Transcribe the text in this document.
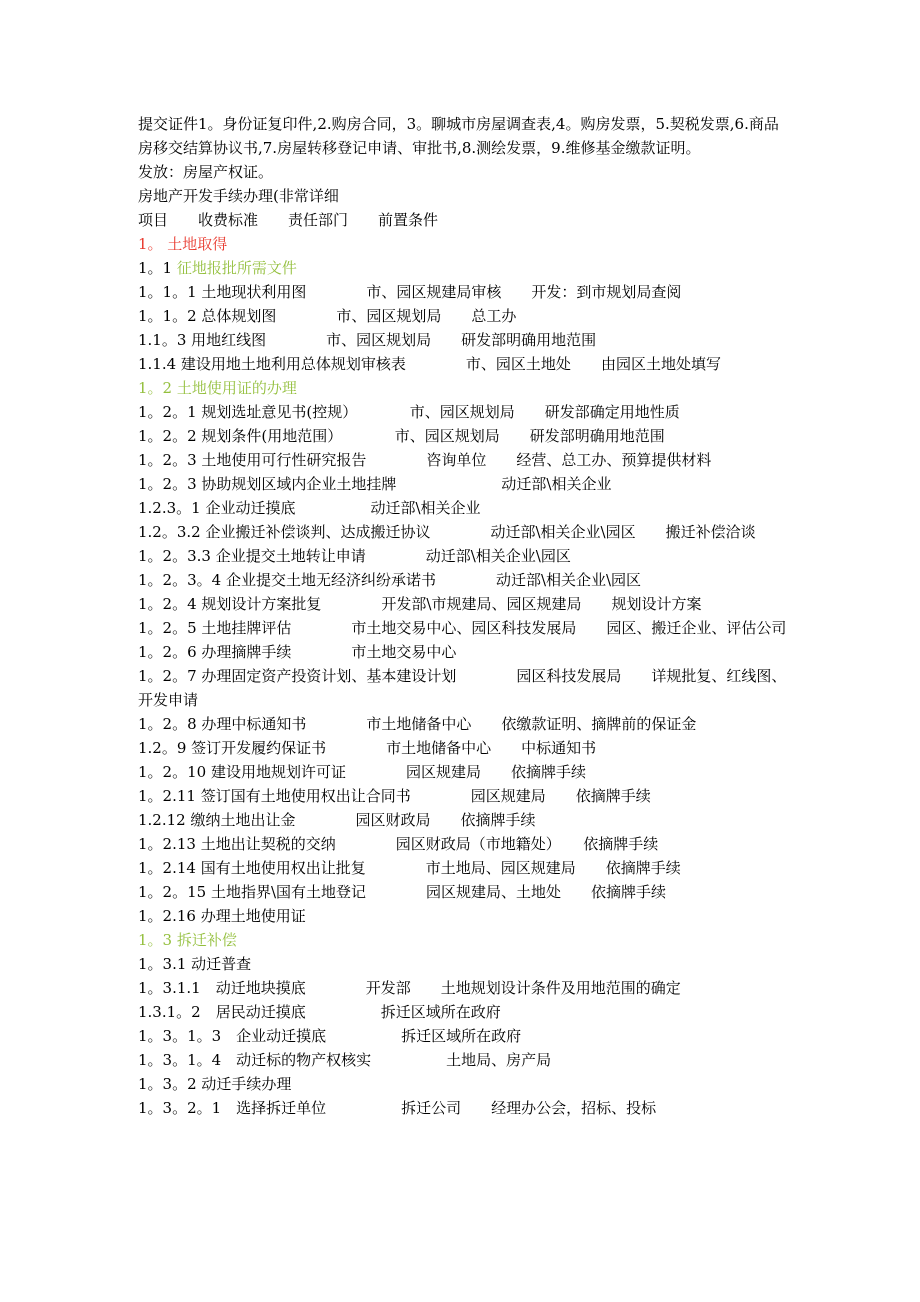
提交证件1。身份证复印件,2.购房合同，3。聊城市房屋调查表,4。购房发票，5.契税发票,6.商品房移交结算协议书,7.房屋转移登记申请、审批书,8.测绘发票，9.维修基金缴款证明。

发放：房屋产权证。

房地产开发手续办理(非常详细

项目　　收费标准　　责任部门　　前置条件

1。 土地取得

1。1 征地报批所需文件

1。1。1 土地现状利用图　　　　市、园区规建局审核　　开发：到市规划局查阅

1。1。2 总体规划图　　　　市、园区规划局　　总工办

1.1。3 用地红线图　　　　市、园区规划局　　研发部明确用地范围

1.1.4 建设用地土地利用总体规划审核表　　　　市、园区土地处　　由园区土地处填写

1。2 土地使用证的办理

1。2。1 规划选址意见书(控规）　　　　市、园区规划局　　研发部确定用地性质

1。2。2 规划条件(用地范围）　　　　市、园区规划局　　研发部明确用地范围

1。2。3 土地使用可行性研究报告　　　　咨询单位　　经营、总工办、预算提供材料

1。2。3 协助规划区域内企业土地挂牌　　　　　　　动迁部\相关企业

1.2.3。1 企业动迁摸底　　　　　动迁部\相关企业

1.2。3.2 企业搬迁补偿谈判、达成搬迁协议　　　　动迁部\相关企业\园区　　搬迁补偿洽谈

1。2。3.3 企业提交土地转让申请　　　　动迁部\相关企业\园区

1。2。3。4 企业提交土地无经济纠纷承诺书　　　　动迁部\相关企业\园区

1。2。4 规划设计方案批复　　　　开发部\市规建局、园区规建局　　规划设计方案

1。2。5 土地挂牌评估　　　　市土地交易中心、园区科技发展局　　园区、搬迁企业、评估公司

1。2。6 办理摘牌手续　　　　市土地交易中心

1。2。7 办理固定资产投资计划、基本建设计划　　　　园区科技发展局　　详规批复、红线图、开发申请

1。2。8 办理中标通知书　　　　市土地储备中心　　依缴款证明、摘牌前的保证金

1.2。9 签订开发履约保证书　　　　市土地储备中心　　中标通知书

1。2。10 建设用地规划许可证　　　　园区规建局　　依摘牌手续

1。2.11 签订国有土地使用权出让合同书　　　　园区规建局　　依摘牌手续

1.2.12 缴纳土地出让金　　　　园区财政局　　依摘牌手续

1。2.13 土地出让契税的交纳　　　　园区财政局（市地籍处）　　依摘牌手续

1。2.14 国有土地使用权出让批复　　　　市土地局、园区规建局　　依摘牌手续

1。2。15 土地指界\国有土地登记　　　　园区规建局、土地处　　依摘牌手续

1。2.16 办理土地使用证

1。3 拆迁补偿

1。3.1 动迁普查

1。3.1.1　动迁地块摸底　　　　开发部　　土地规划设计条件及用地范围的确定

1.3.1。2　居民动迁摸底　　　　　拆迁区域所在政府

1。3。1。3　企业动迁摸底　　　　　拆迁区域所在政府

1。3。1。4　动迁标的物产权核实　　　　　土地局、房产局

1。3。2 动迁手续办理

1。3。2。1　选择拆迁单位　　　　　拆迁公司　　经理办公会，招标、投标
